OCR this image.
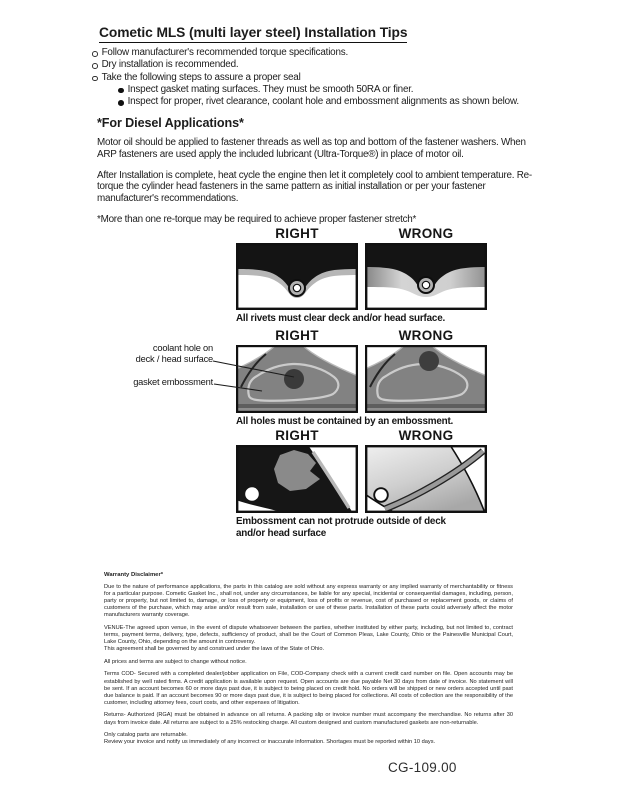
Cometic MLS (multi layer steel) Installation Tips
Follow manufacturer's recommended torque specifications.
Dry installation is recommended.
Take the following steps to assure a proper seal
Inspect gasket mating surfaces. They must be smooth 50RA or finer.
Inspect for proper, rivet clearance, coolant hole and embossment alignments as shown below.
*For Diesel Applications*

Motor oil should be applied to fastener threads as well as top and bottom of the fastener washers. When ARP fasteners are used apply the included lubricant (Ultra-Torque®) in place of motor oil.

After Installation is complete, heat cycle the engine then let it completely cool to ambient temperature. Re-torque the cylinder head fasteners in the same pattern as initial installation or per your fastener manufacturer's recommendations.

*More than one re-torque may be required to achieve proper fastener stretch*

RIGHT	WRONG
All rivets must clear deck and/or head surface.
RIGHT	WRONG
All holes must be contained by an embossment.
coolant hole on
deck / head surface
gasket embossment
RIGHT	WRONG
Embossment can not protrude outside of deck
and/or head surface
Warranty Disclaimer*

Due to the nature of performance applications, the parts in this catalog are sold without any express warranty or any implied warranty of merchantability or fitness for a particular purpose. Cometic Gasket Inc., shall not, under any circumstances, be liable for any special, incidental or consequential damages, including, person, party or property, but not limited to, damage, or loss of property or equipment, loss of profits or revenue, cost of purchased or replacement goods, or claims of customers of the purchase, which may arise and/or result from sale, installation or use of these parts. Installation of these parts could adversely affect the motor manufacturers warranty coverage.

VENUE-The agreed upon venue, in the event of dispute whatsoever between the parties, whether instituted by either party, including, but not limited to, contract terms, payment terms, delivery, type, defects, sufficiency of product, shall be the Court of Common Pleas, Lake County, Ohio or the Painesville Municipal Court, Lake County, Ohio, depending on the amount in controversy.

This agreement shall be governed by and construed under the laws of the State of Ohio.

All prices and terms are subject to change without notice.

Terms COD- Secured with a completed dealer/jobber application on File, COD-Company check with a current credit card number on file. Open accounts may be established by well rated firms. A credit application is available upon request. Open accounts are due payable Net 30 days from date of invoice. No statement will be sent. If an account becomes 60 or more days past due, it is subject to being placed on credit hold. No orders will be shipped or new orders accepted until past due balance is paid. If an account becomes 90 or more days past due, it is subject to being placed for collections. All costs of collection are the responsibility of the customer, including attorney fees, court costs, and other expenses of litigation.

Returns- Authorized (RGA) must be obtained in advance on all returns. A packing slip or invoice number must accompany the merchandise. No returns after 30 days from invoice date. All returns are subject to a 25% restocking charge. All custom designed and custom manufactured gaskets are non-returnable.

Only catalog parts are returnable.

Review your invoice and notify us immediately of any incorrect or inaccurate information. Shortages must be reported within 10 days.

CG-109.00
